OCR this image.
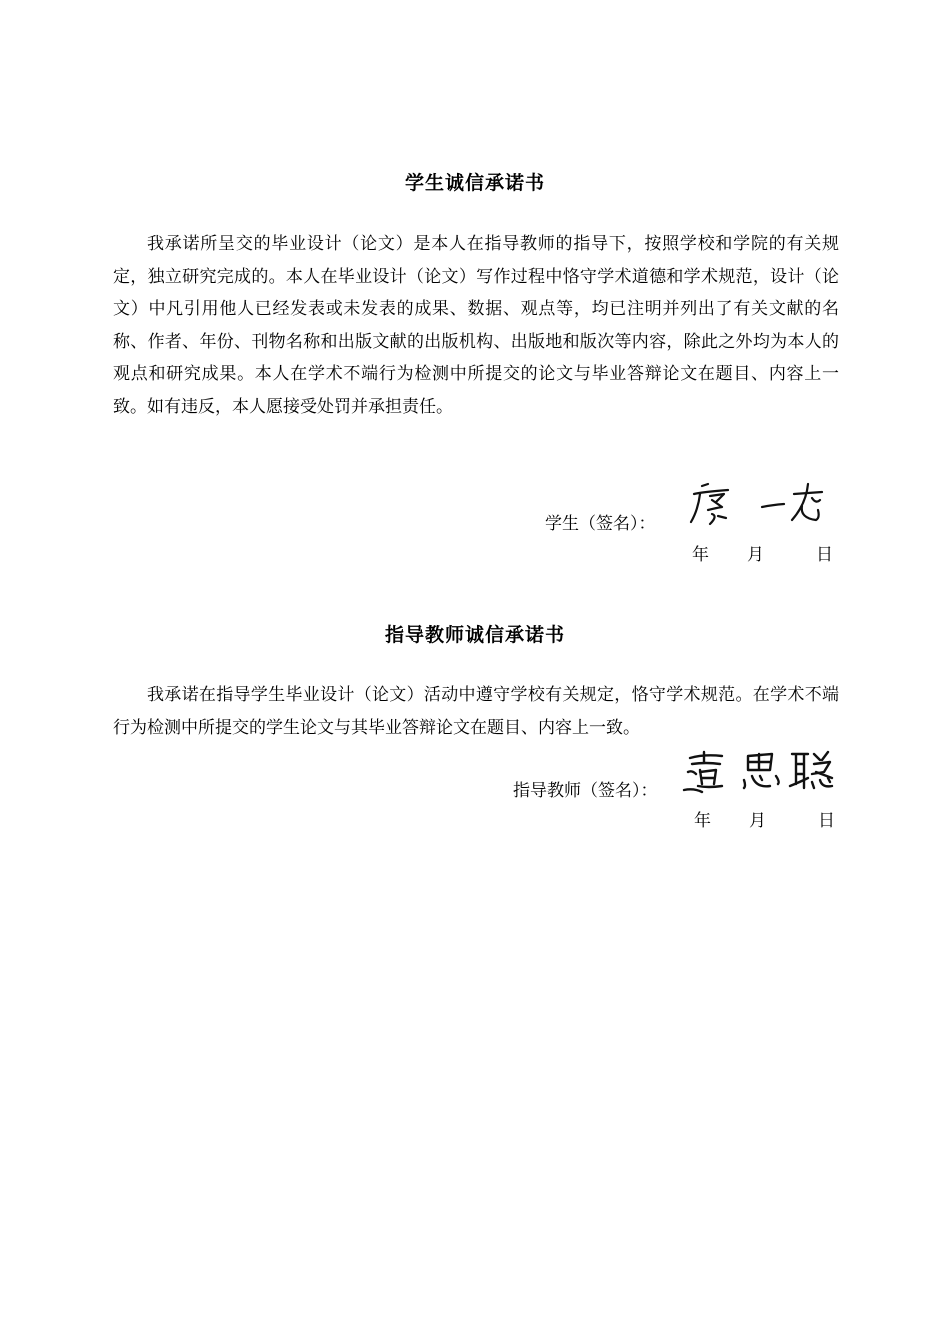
学生诚信承诺书

我承诺所呈交的毕业设计（论文）是本人在指导教师的指导下，按照学校和学院的有关规定，独立研究完成的。本人在毕业设计（论文）写作过程中恪守学术道德和学术规范，设计（论文）中凡引用他人已经发表或未发表的成果、数据、观点等，均已注明并列出了有关文献的名称、作者、年份、刊物名称和出版文献的出版机构、出版地和版次等内容，除此之外均为本人的观点和研究成果。本人在学术不端行为检测中所提交的论文与毕业答辩论文在题目、内容上一致。如有违反，本人愿接受处罚并承担责任。

学生（签名）：
年 月	日
指导教师诚信承诺书

我承诺在指导学生毕业设计（论文）活动中遵守学校有关规定，恪守学术规范。在学术不端行为检测中所提交的学生论文与其毕业答辩论文在题目、内容上一致。

指导教师（签名）：
年 月	日
